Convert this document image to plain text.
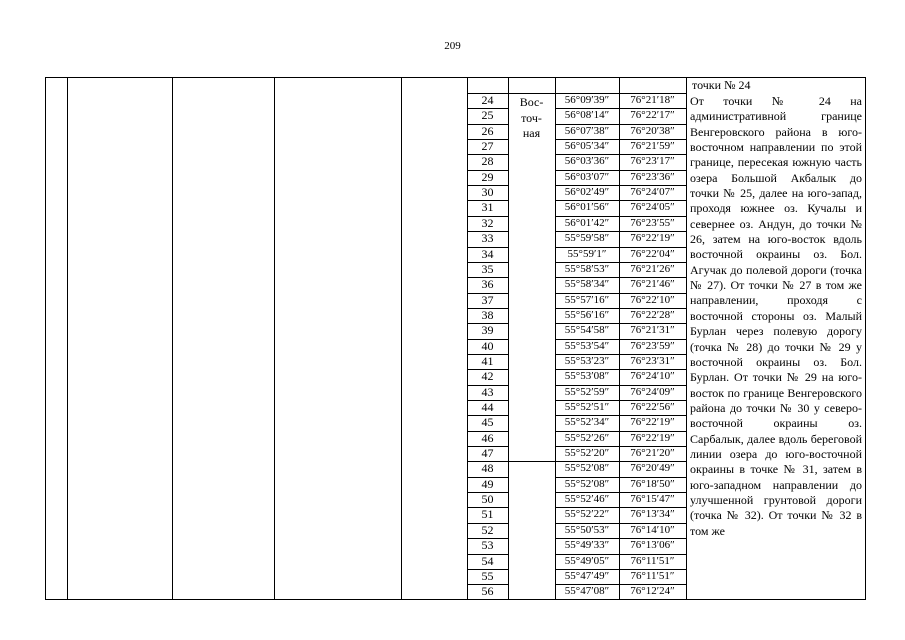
209
точки № 24
Вос-
точ-
ная
От точки № 24 на административной границе Венгеровского района в юго-восточном направлении по этой границе, пересекая южную часть озера Большой Акбалык до точки № 25, далее на юго-запад, проходя южнее оз. Кучалы и севернее оз. Андун, до точки № 26, затем на юго-восток вдоль восточной окраины оз. Бол. Агучак до полевой дороги (точка № 27). От точки № 27 в том же направлении, проходя с восточной стороны оз. Малый Бурлан через полевую дорогу (точка № 28) до точки № 29 у восточной окраины оз. Бол. Бурлан. От точки № 29 на юго-восток по границе Венгеровского района до точки № 30 у северо-восточной окраины оз. Сарбалык, далее вдоль береговой линии озера до юго-восточной окраины в точке № 31, затем в юго-западном направлении до улучшенной грунтовой дороги (точка № 32). От точки № 32 в том же
24	56°09′39″	76°21′18″
25	56°08′14″	76°22′17″
26	56°07′38″	76°20′38″
27	56°05′34″	76°21′59″
28	56°03′36″	76°23′17″
29	56°03′07″	76°23′36″
30	56°02′49″	76°24′07″
31	56°01′56″	76°24′05″
32	56°01′42″	76°23′55″
33	55°59′58″	76°22′19″
34	55°59′1″	76°22′04″
35	55°58′53″	76°21′26″
36	55°58′34″	76°21′46″
37	55°57′16″	76°22′10″
38	55°56′16″	76°22′28″
39	55°54′58″	76°21′31″
40	55°53′54″	76°23′59″
41	55°53′23″	76°23′31″
42	55°53′08″	76°24′10″
43	55°52′59″	76°24′09″
44	55°52′51″	76°22′56″
45	55°52′34″	76°22′19″
46	55°52′26″	76°22′19″
47	55°52′20″	76°21′20″
48	55°52′08″	76°20′49″
49	55°52′08″	76°18′50″
50	55°52′46″	76°15′47″
51	55°52′22″	76°13′34″
52	55°50′53″	76°14′10″
53	55°49′33″	76°13′06″
54	55°49′05″	76°11′51″
55	55°47′49″	76°11′51″
56	55°47′08″	76°12′24″
